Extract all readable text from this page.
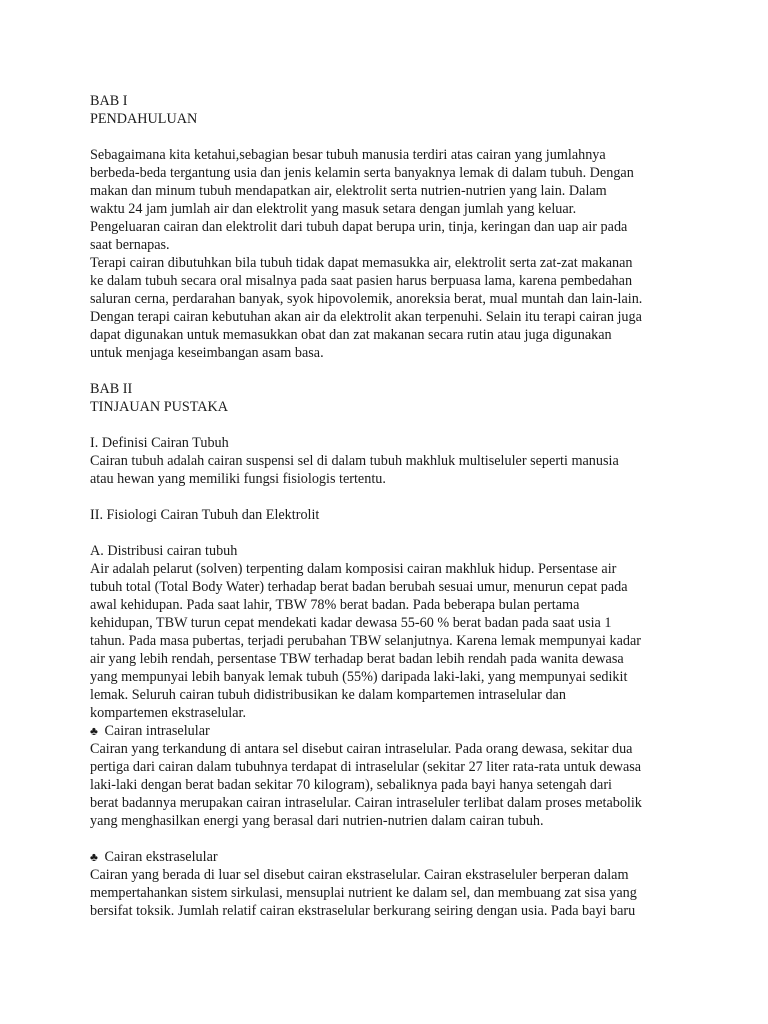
BAB I
PENDAHULUAN
Sebagaimana kita ketahui,sebagian besar tubuh manusia terdiri atas cairan yang jumlahnya
berbeda-beda tergantung usia dan jenis kelamin serta banyaknya lemak di dalam tubuh. Dengan
makan dan minum tubuh mendapatkan air, elektrolit serta nutrien-nutrien yang lain. Dalam
waktu 24 jam jumlah air dan elektrolit yang masuk setara dengan jumlah yang keluar.
Pengeluaran cairan dan elektrolit dari tubuh dapat berupa urin, tinja, keringan dan uap air pada
saat bernapas.
Terapi cairan dibutuhkan bila tubuh tidak dapat memasukka air, elektrolit serta zat-zat makanan
ke dalam tubuh secara oral misalnya pada saat pasien harus berpuasa lama, karena pembedahan
saluran cerna, perdarahan banyak, syok hipovolemik, anoreksia berat, mual muntah dan lain-lain.
Dengan terapi cairan kebutuhan akan air da elektrolit akan terpenuhi. Selain itu terapi cairan juga
dapat digunakan untuk memasukkan obat dan zat makanan secara rutin atau juga digunakan
untuk menjaga keseimbangan asam basa.
BAB II
TINJAUAN PUSTAKA
I. Definisi Cairan Tubuh
Cairan tubuh adalah cairan suspensi sel di dalam tubuh makhluk multiseluler seperti manusia
atau hewan yang memiliki fungsi fisiologis tertentu.
II. Fisiologi Cairan Tubuh dan Elektrolit
A. Distribusi cairan tubuh
Air adalah pelarut (solven) terpenting dalam komposisi cairan makhluk hidup. Persentase air
tubuh total (Total Body Water) terhadap berat badan berubah sesuai umur, menurun cepat pada
awal kehidupan. Pada saat lahir, TBW 78% berat badan. Pada beberapa bulan pertama
kehidupan, TBW turun cepat mendekati kadar dewasa 55-60 % berat badan pada saat usia 1
tahun. Pada masa pubertas, terjadi perubahan TBW selanjutnya. Karena lemak mempunyai kadar
air yang lebih rendah, persentase TBW terhadap berat badan lebih rendah pada wanita dewasa
yang mempunyai lebih banyak lemak tubuh (55%) daripada laki-laki, yang mempunyai sedikit
lemak. Seluruh cairan tubuh didistribusikan ke dalam kompartemen intraselular dan
kompartemen ekstraselular.
♣ Cairan intraselular
Cairan yang terkandung di antara sel disebut cairan intraselular. Pada orang dewasa, sekitar dua
pertiga dari cairan dalam tubuhnya terdapat di intraselular (sekitar 27 liter rata-rata untuk dewasa
laki-laki dengan berat badan sekitar 70 kilogram), sebaliknya pada bayi hanya setengah dari
berat badannya merupakan cairan intraselular. Cairan intraseluler terlibat dalam proses metabolik
yang menghasilkan energi yang berasal dari nutrien-nutrien dalam cairan tubuh.
♣ Cairan ekstraselular
Cairan yang berada di luar sel disebut cairan ekstraselular. Cairan ekstraseluler berperan dalam
mempertahankan sistem sirkulasi, mensuplai nutrient ke dalam sel, dan membuang zat sisa yang
bersifat toksik. Jumlah relatif cairan ekstraselular berkurang seiring dengan usia. Pada bayi baru
